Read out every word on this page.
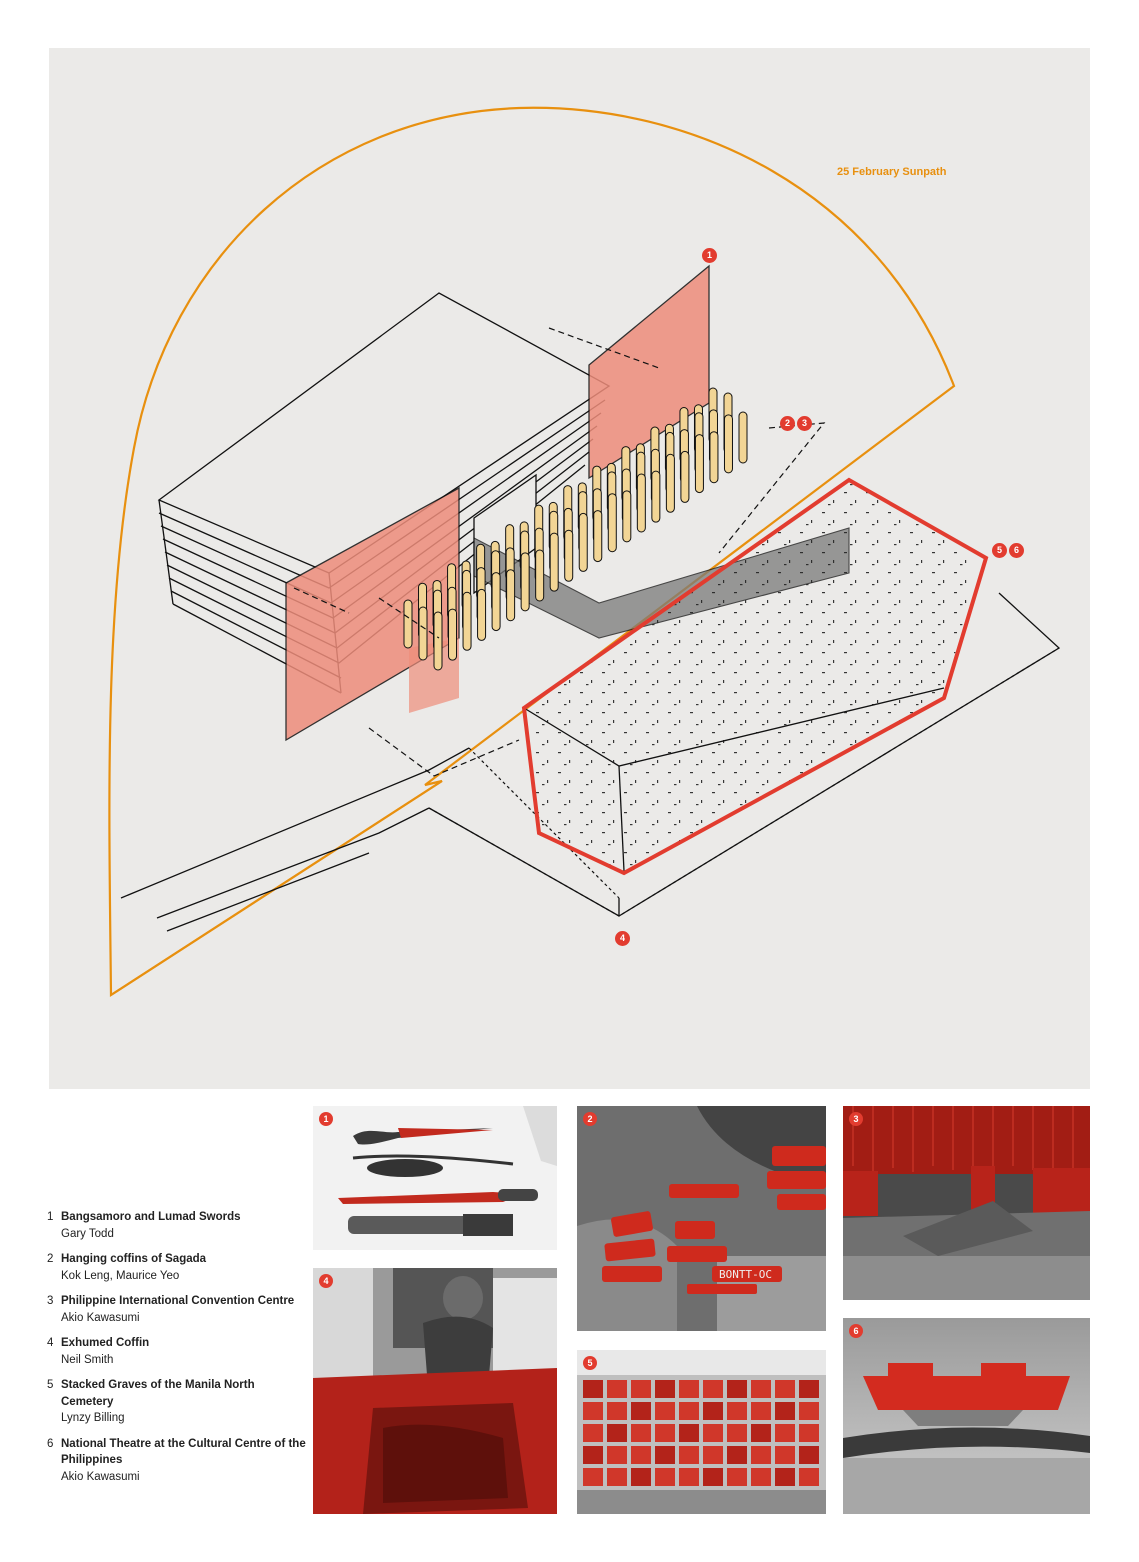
25 February Sunpath
1
2	3
4
5	6
1 Bangsamoro and Lumad Swords
Gary Todd
2 Hanging coffins of Sagada
Kok Leng, Maurice Yeo
3 Philippine International Convention Centre
Akio Kawasumi
4 Exhumed Coffin
Neil Smith
5 Stacked Graves of the Manila North Cemetery
Lynzy Billing
6 National Theatre at the Cultural Centre of the Philippines
Akio Kawasumi
1
4	BONTT-OC
2
5
3
6
